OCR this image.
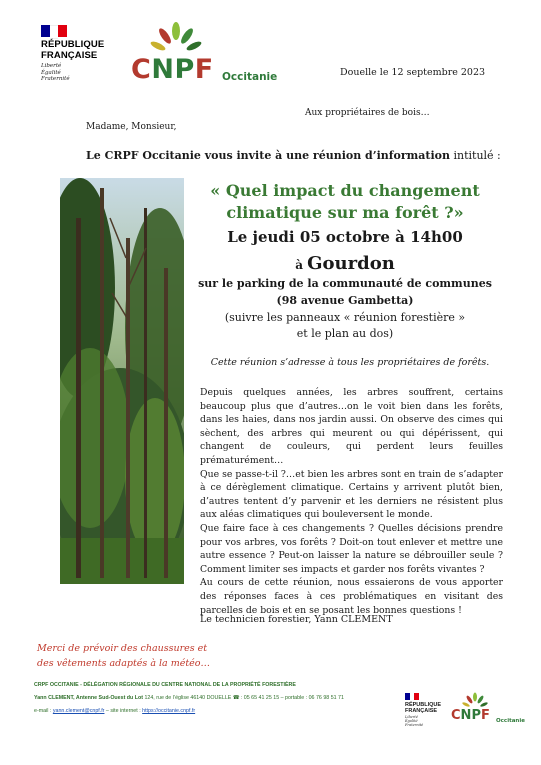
RÉPUBLIQUE
FRANÇAISE
Liberté
Égalité
Fraternité CNPF Occitanie	Douelle le 12 septembre 2023
Aux propriétaires de bois…
Madame, Monsieur,
Le CRPF Occitanie vous invite à une réunion d’information intitulé :
« Quel impact du changement
climatique sur ma forêt ?»
Le jeudi 05 octobre à 14h00
à Gourdon
sur le parking de la communauté de communes
(98 avenue Gambetta)
(suivre les panneaux « réunion forestière »
et le plan au dos)
Cette réunion s’adresse à tous les propriétaires de forêts.

Depuis quelques années, les arbres souffrent, certains beaucoup plus que d’autres…on le voit bien dans les forêts, dans les haies, dans nos jardin aussi. On observe des cimes qui sèchent, des arbres qui meurent ou qui dépérissent, qui changent de couleurs, qui perdent leurs feuilles prématurément…

Que se passe-t-il ?…et bien les arbres sont en train de s’adapter à ce dérèglement climatique. Certains y arrivent plutôt bien, d’autres tentent d’y parvenir et les derniers ne résistent plus aux aléas climatiques qui bouleversent le monde.

Que faire face à ces changements ? Quelles décisions prendre pour vos arbres, vos forêts ? Doit-on tout enlever et mettre une autre essence ? Peut-on laisser la nature se débrouiller seule ? Comment limiter ses impacts et garder nos forêts vivantes ?

Au cours de cette réunion, nous essaierons de vous apporter des réponses faces à ces problématiques en visitant des parcelles de bois et en se posant les bonnes questions !

Le technicien forestier, Yann CLEMENT
Merci de prévoir des chaussures et
des vêtements adaptés à la météo…
CRPF OCCITANIE - DÉLÉGATION RÉGIONALE DU CENTRE NATIONAL DE LA PROPRIÉTÉ FORESTIÈRE
Yann CLEMENT, Antenne Sud-Ouest du Lot 124, rue de l’église 46140 DOUELLE ☎ : 05 65 41 25 15 – portable : 06 76 98 51 71
e-mail : yann.clement@cnpf.fr – site internet : https://occitanie.cnpf.fr
RÉPUBLIQUE
FRANÇAISE
Liberté
Égalité
Fraternité
CNPF Occitanie
